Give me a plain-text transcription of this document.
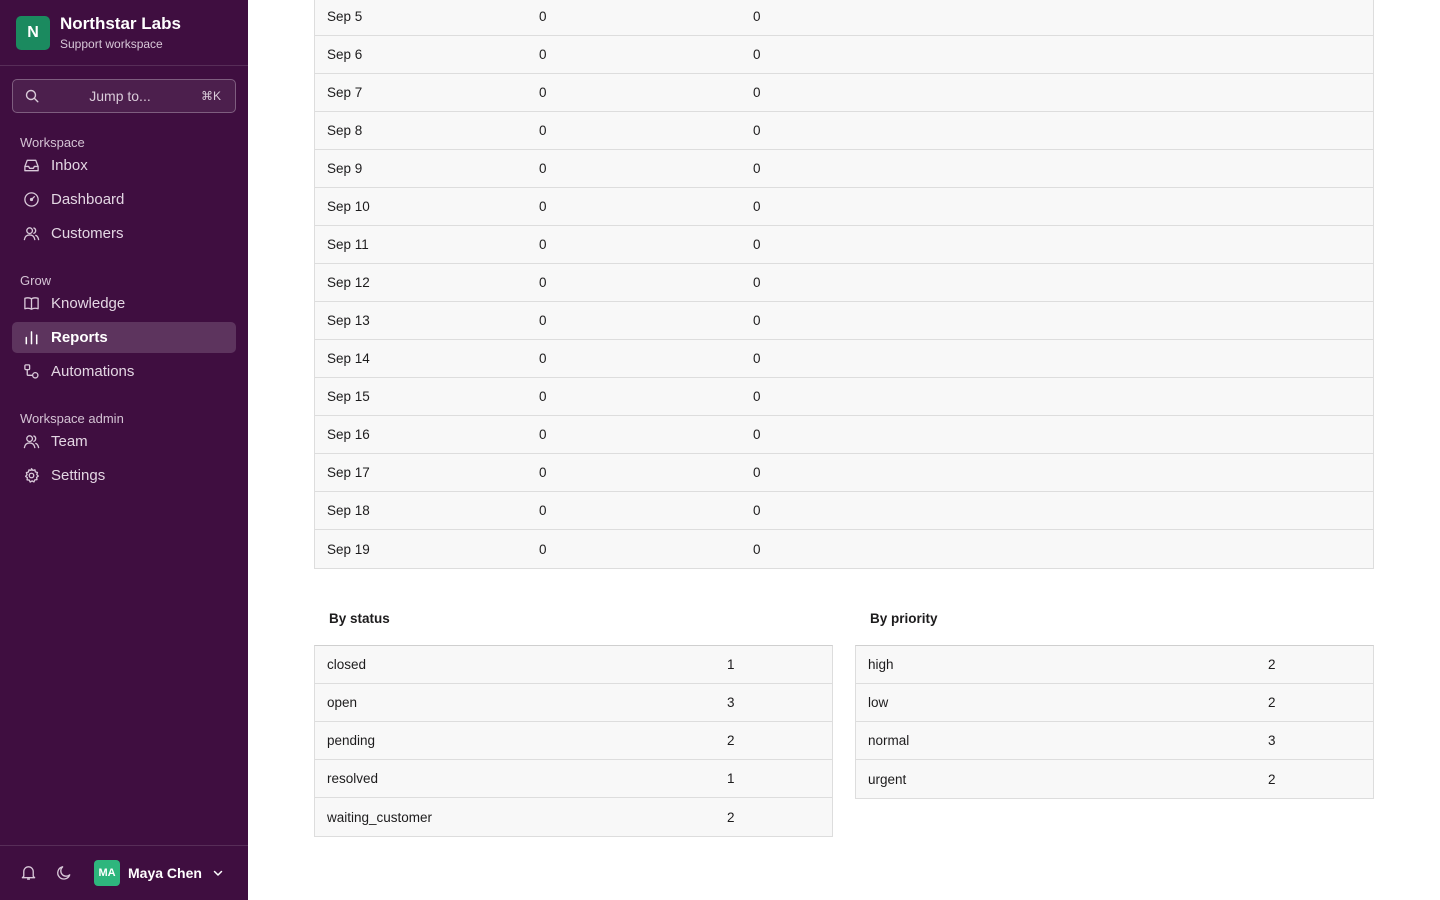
N	Northstar Labs
Support workspace
Jump to...	⌘K
Workspace
Inbox
Dashboard
Customers
Grow
Knowledge
Reports
Automations
Workspace admin
Team
Settings
MA Maya Chen
Sep 5	0	0
Sep 6	0	0
Sep 7	0	0
Sep 8	0	0
Sep 9	0	0
Sep 10	0	0
Sep 11	0	0
Sep 12	0	0
Sep 13	0	0
Sep 14	0	0
Sep 15	0	0
Sep 16	0	0
Sep 17	0	0
Sep 18	0	0
Sep 19	0	0
By status
closed	1
open	3
pending	2
resolved	1
waiting_customer	2
By priority
high	2
low	2
normal	3
urgent	2
